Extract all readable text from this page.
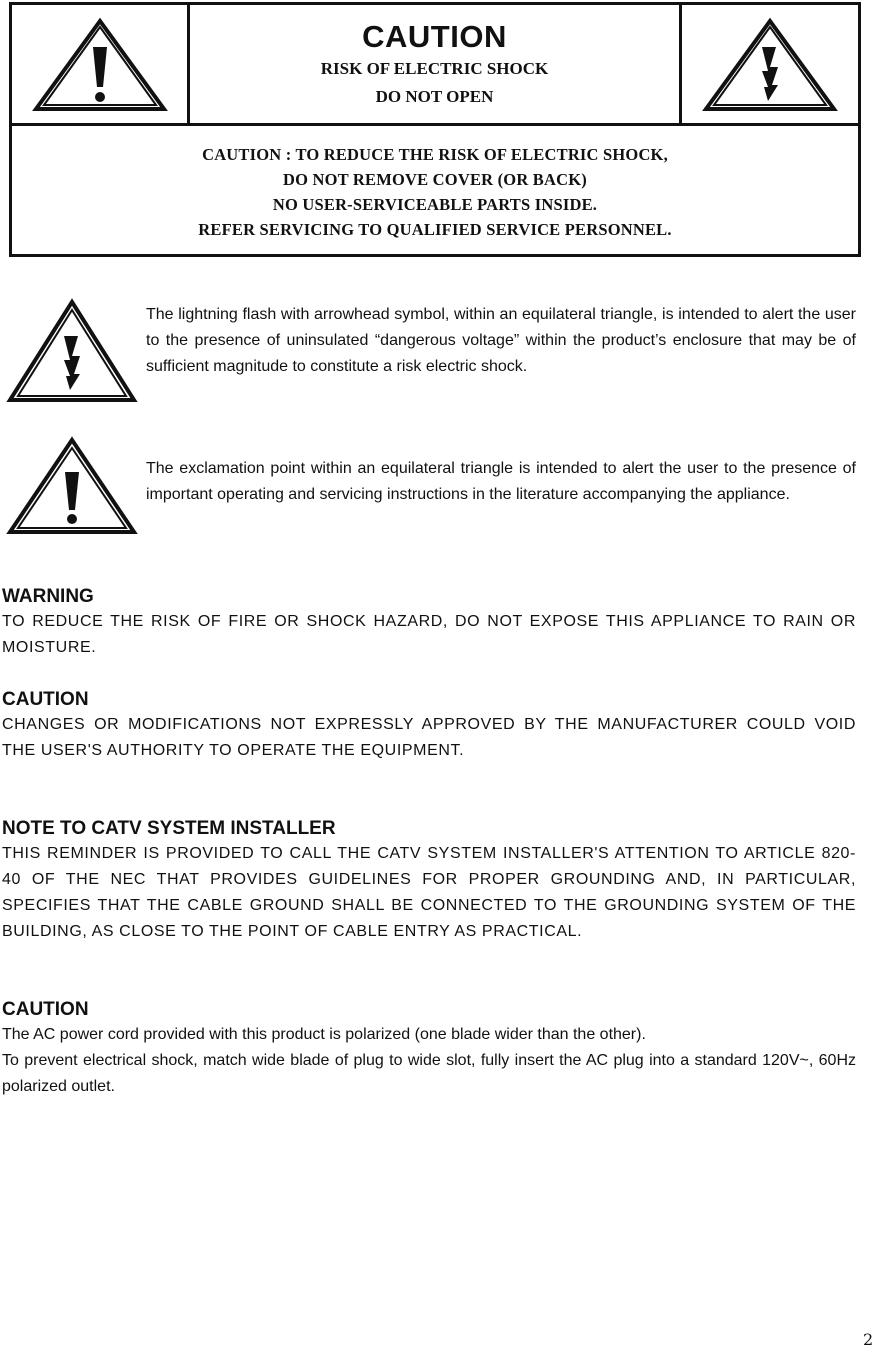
CAUTION
RISK OF ELECTRIC SHOCK
DO NOT OPEN
CAUTION : TO REDUCE THE RISK OF ELECTRIC SHOCK,
DO NOT REMOVE COVER (OR BACK)
NO USER-SERVICEABLE PARTS INSIDE.
REFER SERVICING TO QUALIFIED SERVICE PERSONNEL.
The lightning flash with arrowhead symbol, within an equilateral triangle, is intended to alert the user to the presence of uninsulated “dangerous voltage” within the product’s enclosure that may be of sufficient magnitude to constitute a risk electric shock.
The exclamation point within an equilateral triangle is intended to alert the user to the presence of important operating and servicing instructions in the literature accompanying the appliance.
WARNING
TO REDUCE THE RISK OF FIRE OR SHOCK HAZARD, DO NOT EXPOSE THIS APPLIANCE TO RAIN OR MOISTURE.
CAUTION
CHANGES OR MODIFICATIONS NOT EXPRESSLY APPROVED BY THE MANUFACTURER COULD VOID THE USER'S AUTHORITY TO OPERATE THE EQUIPMENT.
NOTE TO CATV SYSTEM INSTALLER
THIS REMINDER IS PROVIDED TO CALL THE CATV SYSTEM INSTALLER'S ATTENTION TO ARTICLE 820-40 OF THE NEC THAT PROVIDES GUIDELINES FOR PROPER GROUNDING AND, IN PARTICULAR, SPECIFIES THAT THE CABLE GROUND SHALL BE CONNECTED TO THE GROUNDING SYSTEM OF THE BUILDING, AS CLOSE TO THE POINT OF CABLE ENTRY AS PRACTICAL.
CAUTION
The AC power cord provided with this product is polarized (one blade wider than the other).
To prevent electrical shock, match wide blade of plug to wide slot, fully insert the AC plug into a standard 120V~, 60Hz polarized outlet.
2
